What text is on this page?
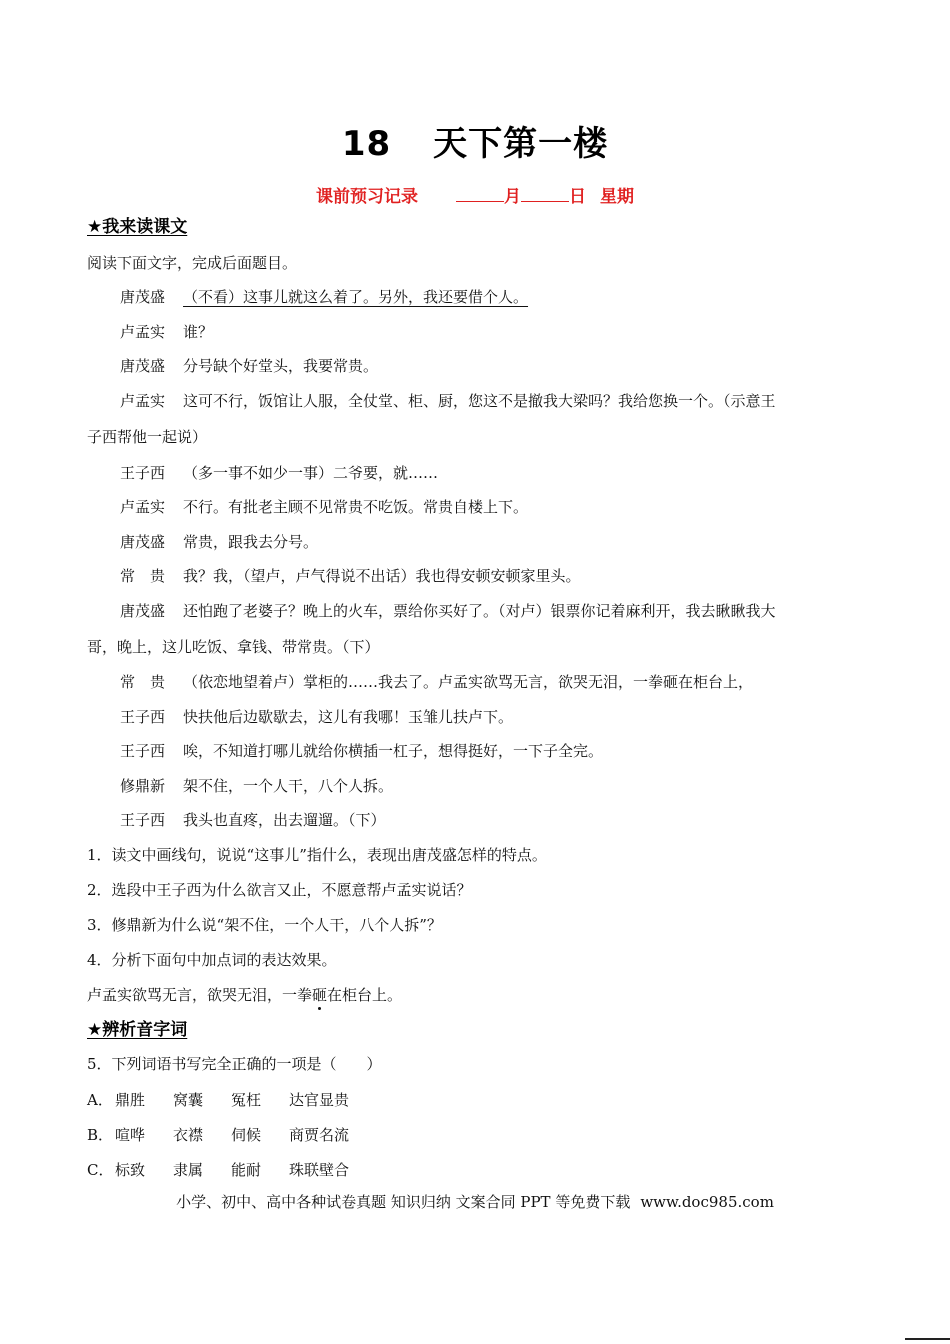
18 天下第一楼
课前预习记录	月	日 星期
★我来读课文
阅读下面文字，完成后面题目。
唐茂盛 （不看）这事儿就这么着了。另外，我还要借个人。
卢孟实 谁？
唐茂盛 分号缺个好堂头，我要常贵。
卢孟实 这可不行，饭馆让人服，全仗堂、柜、厨，您这不是撤我大梁吗？我给您换一个。（示意王
子西帮他一起说）
王子西 （多一事不如少一事）二爷要，就……
卢孟实 不行。有批老主顾不见常贵不吃饭。常贵自楼上下。
唐茂盛 常贵，跟我去分号。
常　贵 我？我，（望卢，卢气得说不出话）我也得安顿安顿家里头。
唐茂盛 还怕跑了老婆子？晚上的火车，票给你买好了。（对卢）银票你记着麻利开，我去瞅瞅我大
哥，晚上，这儿吃饭、拿钱、带常贵。（下）
常　贵 （依恋地望着卢）掌柜的……我去了。卢孟实欲骂无言，欲哭无泪，一拳砸在柜台上，
王子西 快扶他后边歇歇去，这儿有我哪！玉雏儿扶卢下。
王子西 唉，不知道打哪儿就给你横插一杠子，想得挺好，一下子全完。
修鼎新 架不住，一个人干，八个人拆。
王子西 我头也直疼，出去遛遛。（下）
1．读文中画线句，说说“这事儿”指什么，表现出唐茂盛怎样的特点。
2．选段中王子西为什么欲言又止，不愿意帮卢孟实说话？
3．修鼎新为什么说“架不住，一个人干，八个人拆”？
4．分析下面句中加点词的表达效果。
卢孟实欲骂无言，欲哭无泪，一拳砸在柜台上。
★辨析音字词
5．下列词语书写完全正确的一项是（　　）
A． 鼎胜 窝囊 冤枉 达官显贵
B． 喧哗 衣襟 伺候 商贾名流
C． 标致 隶属 能耐 珠联壁合
小学、初中、高中各种试卷真题 知识归纳 文案合同 PPT 等免费下载 www.doc985.com
